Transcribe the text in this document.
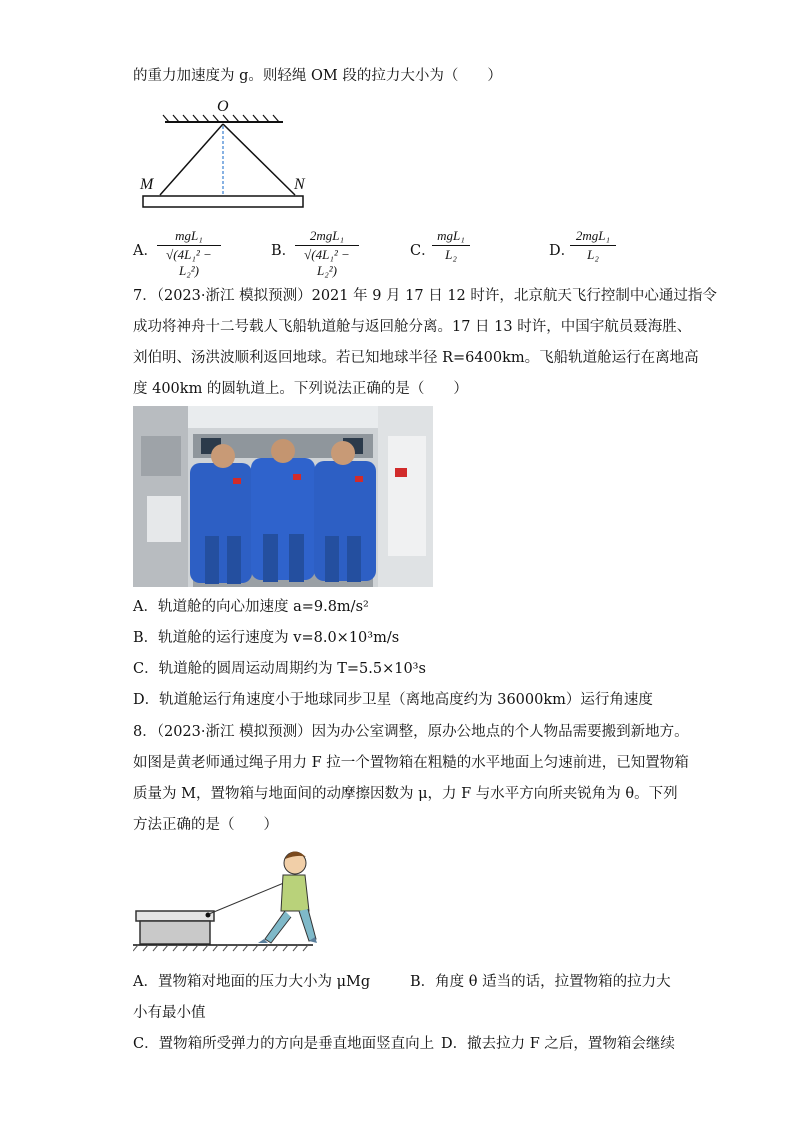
的重力加速度为 g。则轻绳 OM 段的拉力大小为（　　）
O
M	N
A．
mgL₁
√(4L₁² − L₂²)
B．
2mgL₁
√(4L₁² − L₂²)
C．
mgL₁
L₂	D．
2mgL₁
L₂
7．（2023·浙江 模拟预测）2021 年 9 月 17 日 12 时许，北京航天飞行控制中心通过指令
成功将神舟十二号载人飞船轨道舱与返回舱分离。17 日 13 时许，中国宇航员聂海胜、
刘伯明、汤洪波顺利返回地球。若已知地球半径 R=6400km。飞船轨道舱运行在离地高
度 400km 的圆轨道上。下列说法正确的是（　　）
A．轨道舱的向心加速度 a=9.8m/s²
B．轨道舱的运行速度为 v=8.0×10³m/s
C．轨道舱的圆周运动周期约为 T=5.5×10³s
D．轨道舱运行角速度小于地球同步卫星（离地高度约为 36000km）运行角速度
8．（2023·浙江 模拟预测）因为办公室调整，原办公地点的个人物品需要搬到新地方。
如图是黄老师通过绳子用力 F 拉一个置物箱在粗糙的水平地面上匀速前进，已知置物箱
质量为 M，置物箱与地面间的动摩擦因数为 μ，力 F 与水平方向所夹锐角为 θ。下列
方法正确的是（　　）
A．置物箱对地面的压力大小为 μMg	B．角度 θ 适当的话，拉置物箱的拉力大
小有最小值
C．置物箱所受弹力的方向是垂直地面竖直向上 D．撤去拉力 F 之后，置物箱会继续
